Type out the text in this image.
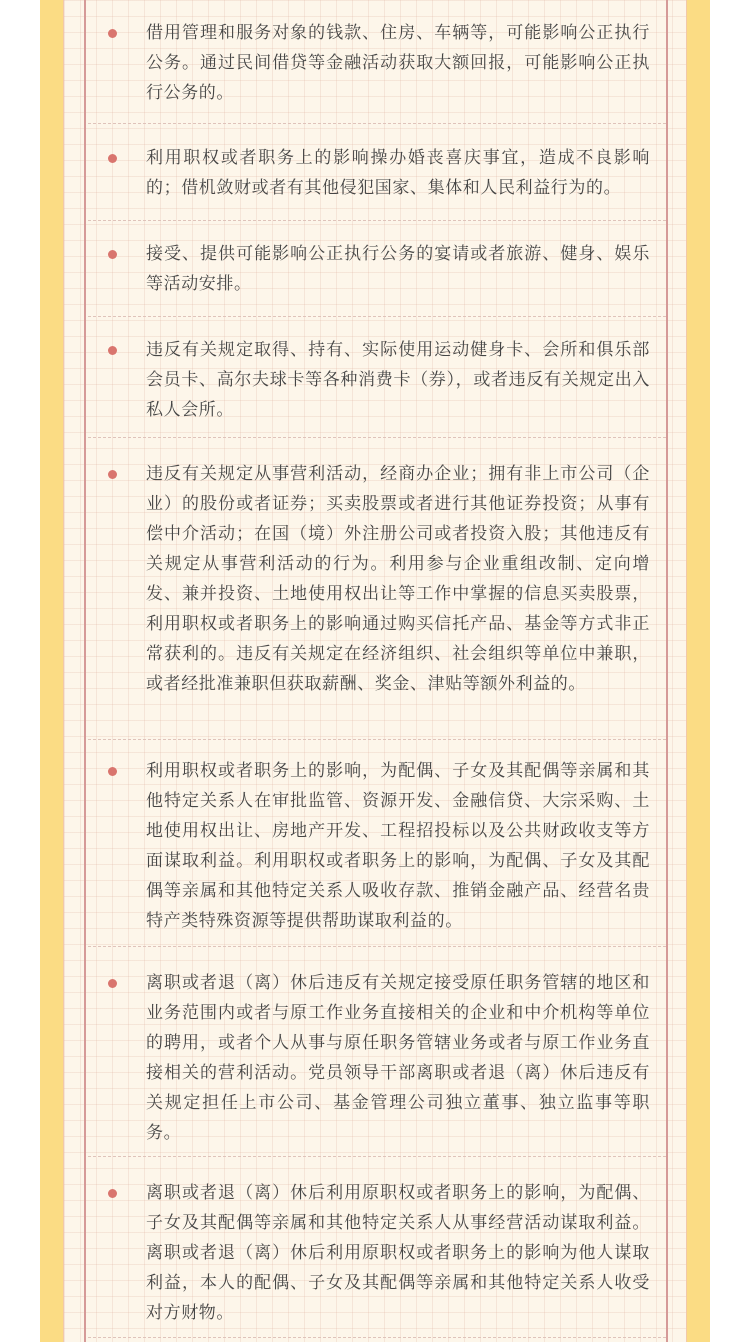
借用管理和服务对象的钱款、住房、车辆等，可能影响公正执行公务。通过民间借贷等金融活动获取大额回报，可能影响公正执行公务的。
利用职权或者职务上的影响操办婚丧喜庆事宜，造成不良影响的；借机敛财或者有其他侵犯国家、集体和人民利益行为的。
接受、提供可能影响公正执行公务的宴请或者旅游、健身、娱乐等活动安排。
违反有关规定取得、持有、实际使用运动健身卡、会所和俱乐部会员卡、高尔夫球卡等各种消费卡（券），或者违反有关规定出入私人会所。
违反有关规定从事营利活动，经商办企业；拥有非上市公司（企业）的股份或者证券；买卖股票或者进行其他证券投资；从事有偿中介活动；在国（境）外注册公司或者投资入股；其他违反有关规定从事营利活动的行为。利用参与企业重组改制、定向增发、兼并投资、土地使用权出让等工作中掌握的信息买卖股票，利用职权或者职务上的影响通过购买信托产品、基金等方式非正常获利的。违反有关规定在经济组织、社会组织等单位中兼职，或者经批准兼职但获取薪酬、奖金、津贴等额外利益的。
利用职权或者职务上的影响，为配偶、子女及其配偶等亲属和其他特定关系人在审批监管、资源开发、金融信贷、大宗采购、土地使用权出让、房地产开发、工程招投标以及公共财政收支等方面谋取利益。利用职权或者职务上的影响，为配偶、子女及其配偶等亲属和其他特定关系人吸收存款、推销金融产品、经营名贵特产类特殊资源等提供帮助谋取利益的。
离职或者退（离）休后违反有关规定接受原任职务管辖的地区和业务范围内或者与原工作业务直接相关的企业和中介机构等单位的聘用，或者个人从事与原任职务管辖业务或者与原工作业务直接相关的营利活动。党员领导干部离职或者退（离）休后违反有关规定担任上市公司、基金管理公司独立董事、独立监事等职务。
离职或者退（离）休后利用原职权或者职务上的影响，为配偶、子女及其配偶等亲属和其他特定关系人从事经营活动谋取利益。离职或者退（离）休后利用原职权或者职务上的影响为他人谋取利益，本人的配偶、子女及其配偶等亲属和其他特定关系人收受对方财物。
